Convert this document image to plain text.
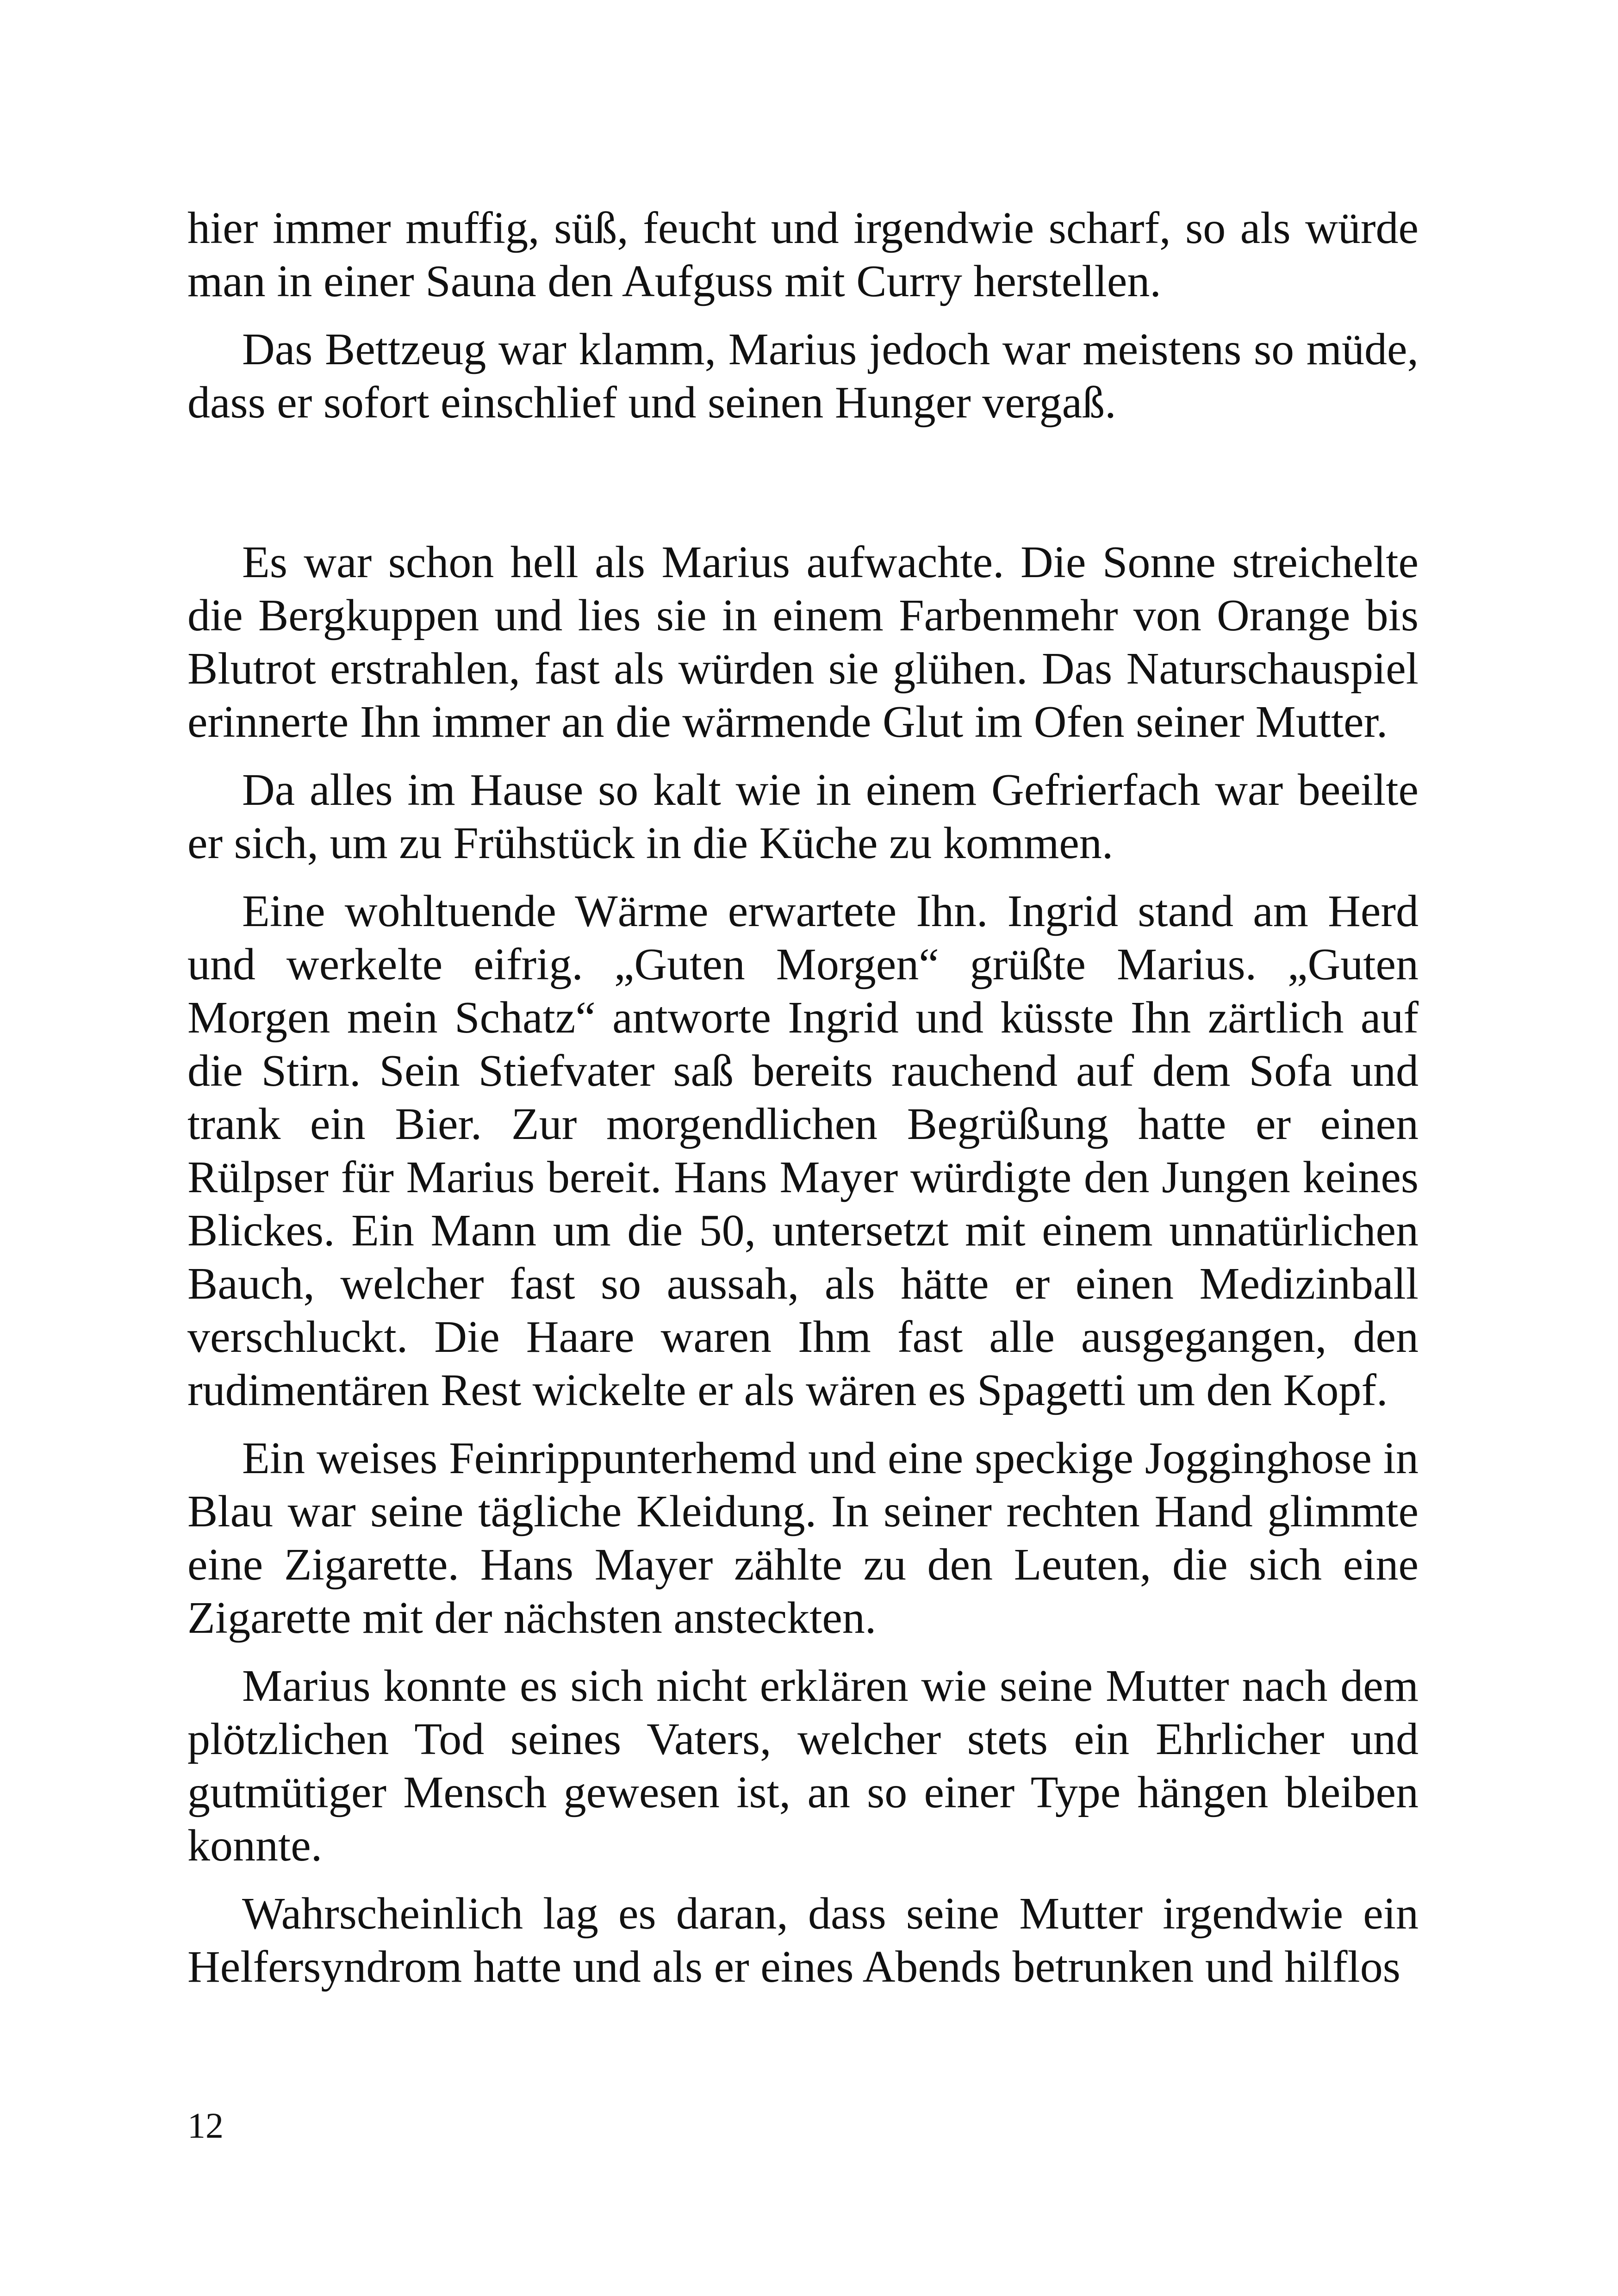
hier immer muffig, süß, feucht und irgendwie scharf, so als würde man in einer Sauna den Aufguss mit Curry herstellen.

Das Bettzeug war klamm, Marius jedoch war meistens so müde, dass er sofort einschlief und seinen Hunger vergaß.

Es war schon hell als Marius aufwachte. Die Sonne streichelte die Bergkuppen und lies sie in einem Farbenmehr von Orange bis Blutrot erstrahlen, fast als würden sie glühen. Das Naturschauspiel erinnerte Ihn immer an die wärmende Glut im Ofen seiner Mutter.

Da alles im Hause so kalt wie in einem Gefrierfach war beeilte er sich, um zu Frühstück in die Küche zu kommen.

Eine wohltuende Wärme erwartete Ihn. Ingrid stand am Herd und werkelte eifrig. „Guten Morgen“ grüßte Marius. „Guten Morgen mein Schatz“ antworte Ingrid und küsste Ihn zärtlich auf die Stirn. Sein Stiefvater saß bereits rauchend auf dem Sofa und trank ein Bier. Zur morgendlichen Begrüßung hatte er einen Rülpser für Marius bereit. Hans Mayer würdigte den Jungen keines Blickes. Ein Mann um die 50, untersetzt mit einem unnatürlichen Bauch, welcher fast so aussah, als hätte er einen Medizinball verschluckt. Die Haare waren Ihm fast alle ausgegangen, den rudimentären Rest wickelte er als wären es Spagetti um den Kopf.

Ein weises Feinrippunterhemd und eine speckige Jogginghose in Blau war seine tägliche Kleidung. In seiner rechten Hand glimmte eine Zigarette. Hans Mayer zählte zu den Leuten, die sich eine Zigarette mit der nächsten ansteckten.

Marius konnte es sich nicht erklären wie seine Mutter nach dem plötzlichen Tod seines Vaters, welcher stets ein Ehrlicher und gutmütiger Mensch gewesen ist, an so einer Type hängen bleiben konnte.

Wahrscheinlich lag es daran, dass seine Mutter irgendwie ein Helfersyndrom hatte und als er eines Abends betrunken und hilflos

12
